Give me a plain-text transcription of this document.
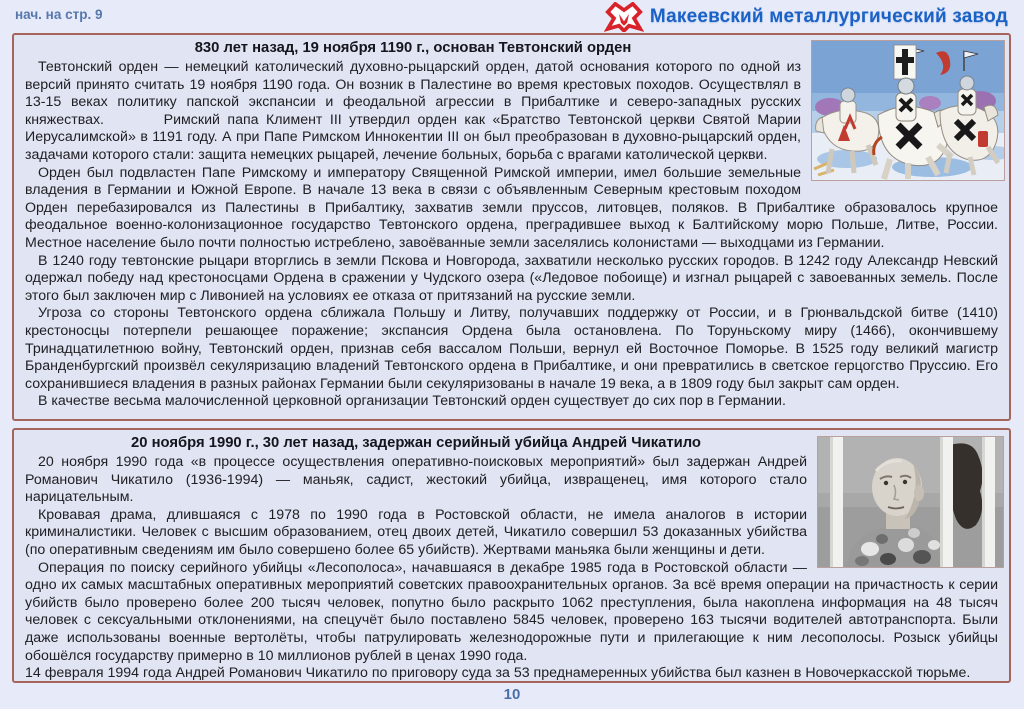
нач. на стр. 9	Макеевский металлургический завод
830 лет назад, 19 ноября 1190 г., основан Тевтонский орден

Тевтонский орден — немецкий католический духовно-рыцарский орден, датой основания которого по одной из версий принято считать 19 ноября 1190 года. Он возник в Палестине во время крестовых походов. Осуществлял в 13-15 веках политику папской экспансии и феодальной агрессии в Прибалтике и северо-западных русских княжествах.        Римский папа Климент III утвердил орден как «Братство Тевтонской церкви Святой Марии Иерусалимской» в 1191 году. А при Папе Римском Иннокентии III он был преобразован в духовно-рыцарский орден, задачами которого стали: защита немецких рыцарей, лечение больных, борьба с врагами католической церкви.

Орден был подвластен Папе Римскому и императору Священной Римской империи, имел большие земельные владения в Германии и Южной Европе. В начале 13 века в связи с объявленным Северным крестовым походом Орден перебазировался из Палестины в Прибалтику, захватив земли пруссов, литовцев, поляков. В Прибалтике образовалось крупное феодальное военно-колонизационное государство Тевтонского ордена, преградившее выход к Балтийскому морю Польше, Литве, России. Местное население было почти полностью истреблено, завоёванные земли заселялись колонистами — выходцами из Германии.

В 1240 году тевтонские рыцари вторглись в земли Пскова и Новгорода, захватили несколько русских городов. В 1242 году Александр Невский одержал победу над крестоносцами Ордена в сражении у Чудского озера («Ледовое побоище) и изгнал рыцарей с завоеванных земель. После этого был заключен мир с Ливонией на условиях ее отказа от притязаний на русские земли.

Угроза со стороны Тевтонского ордена сближала Польшу и Литву, получавших поддержку от России, и в Грюнвальдской битве (1410) крестоносцы потерпели решающее поражение; экспансия Ордена была остановлена. По Торуньскому миру (1466), окончившему Тринадцатилетнюю войну, Тевтонский орден, признав себя вассалом Польши, вернул ей Восточное Поморье. В 1525 году великий магистр Бранденбургский произвёл секуляризацию владений Тевтонского ордена в Прибалтике, и они превратились в светское герцогство Пруссию. Его сохранившиеся владения в разных районах Германии были секуляризованы в начале 19 века, а в 1809 году был закрыт сам орден.

В качестве весьма малочисленной церковной организации Тевтонский орден существует до сих пор в Германии.

20 ноября 1990 г., 30 лет назад, задержан серийный убийца Андрей Чикатило

20 ноября 1990 года «в процессе осуществления оперативно-поисковых мероприятий» был задержан Андрей Романович Чикатило (1936-1994) — маньяк, садист, жестокий убийца, извращенец, имя которого стало нарицательным.

Кровавая драма, длившаяся с 1978 по 1990 года в Ростовской области, не имела аналогов в истории криминалистики. Человек с высшим образованием, отец двоих детей, Чикатило совершил 53 доказанных убийства (по оперативным сведениям им было совершено более 65 убийств). Жертвами маньяка были женщины и дети.

Операция по поиску серийного убийцы «Лесополоса», начавшаяся в декабре 1985 года в Ростовской области — одно их самых масштабных оперативных мероприятий советских правоохранительных органов. За всё время операции на причастность к серии убийств было проверено более 200 тысяч человек, попутно было раскрыто 1062 преступления, была накоплена информация на 48 тысяч человек с сексуальными отклонениями, на спецучёт было поставлено 5845 человек, проверено 163 тысячи водителей автотранспорта. Были даже использованы военные вертолёты, чтобы патрулировать железнодорожные пути и прилегающие к ним лесополосы. Розыск убийцы обошёлся государству примерно в 10 миллионов рублей в ценах 1990 года.

14 февраля 1994 года Андрей Романович Чикатило по приговору суда за 53 преднамеренных убийства был казнен в Новочеркасской тюрьме.

10
